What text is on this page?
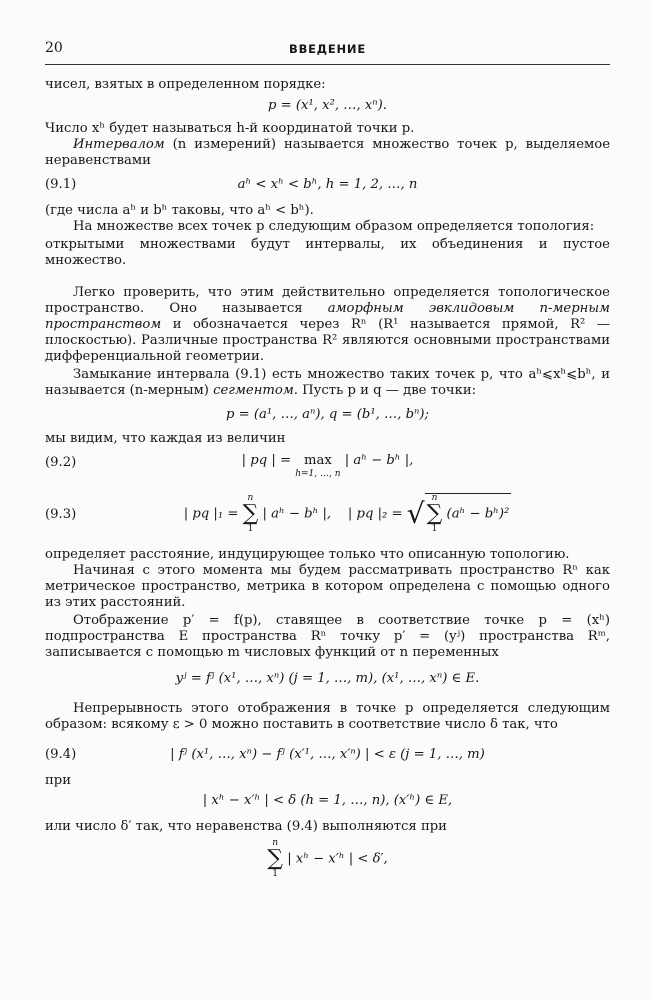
20	ВВЕДЕНИЕ

чисел, взятых в определенном порядке:

p = (x¹, x², …, xⁿ).

Число xʰ будет называться h-й координатой точки p.

Интервалом (n измерений) называется множество точек p, выделяемое неравенствами

(9.1)	aʰ < xʰ < bʰ, h = 1, 2, …, n

(где числа aʰ и bʰ таковы, что aʰ < bʰ).

На множестве всех точек p следующим образом определяется топология:

открытыми множествами будут интервалы, их объединения и пустое множество.

Легко проверить, что этим действительно определяется топологическое пространство. Оно называется аморфным эвклидовым n-мерным пространством и обозначается через Rⁿ (R¹ называется прямой, R² — плоскостью). Различные пространства R² являются основными пространствами дифференциальной геометрии.

Замыкание интервала (9.1) есть множество таких точек p, что aʰ⩽xʰ⩽bʰ, и называется (n-мерным) сегментом. Пусть p и q — две точки:

p = (a¹, …, aⁿ), q = (b¹, …, bⁿ);

мы видим, что каждая из величин

(9.2)	| pq | = max
h=1, …, n
| aʰ − bʰ |,
(9.3)	| pq |₁ =
n
∑
1
| aʰ − bʰ |, | pq |₂ = √ n
∑
1
(aʰ − bʰ)²

определяет расстояние, индуцирующее только что описанную топологию.

Начиная с этого момента мы будем рассматривать пространство Rⁿ как метрическое пространство, метрика в котором определена с помощью одного из этих расстояний.

Отображение p′ = f(p), ставящее в соответствие точке p = (xʰ) подпространства E пространства Rⁿ точку p′ = (yʲ) пространства Rᵐ, записывается с помощью m числовых функций от n переменных

yʲ = fʲ (x¹, …, xⁿ) (j = 1, …, m), (x¹, …, xⁿ) ∈ E.

Непрерывность этого отображения в точке p определяется следующим образом: всякому ε > 0 можно поставить в соответствие число δ так, что

(9.4)	| fʲ (x¹, …, xⁿ) − fʲ (x′¹, …, x′ⁿ) | < ε (j = 1, …, m)

при

| xʰ − x′ʰ | < δ (h = 1, …, n), (x′ʰ) ∈ E,

или число δ′ так, что неравенства (9.4) выполняются при

n
∑
1
| xʰ − x′ʰ | < δ′,
